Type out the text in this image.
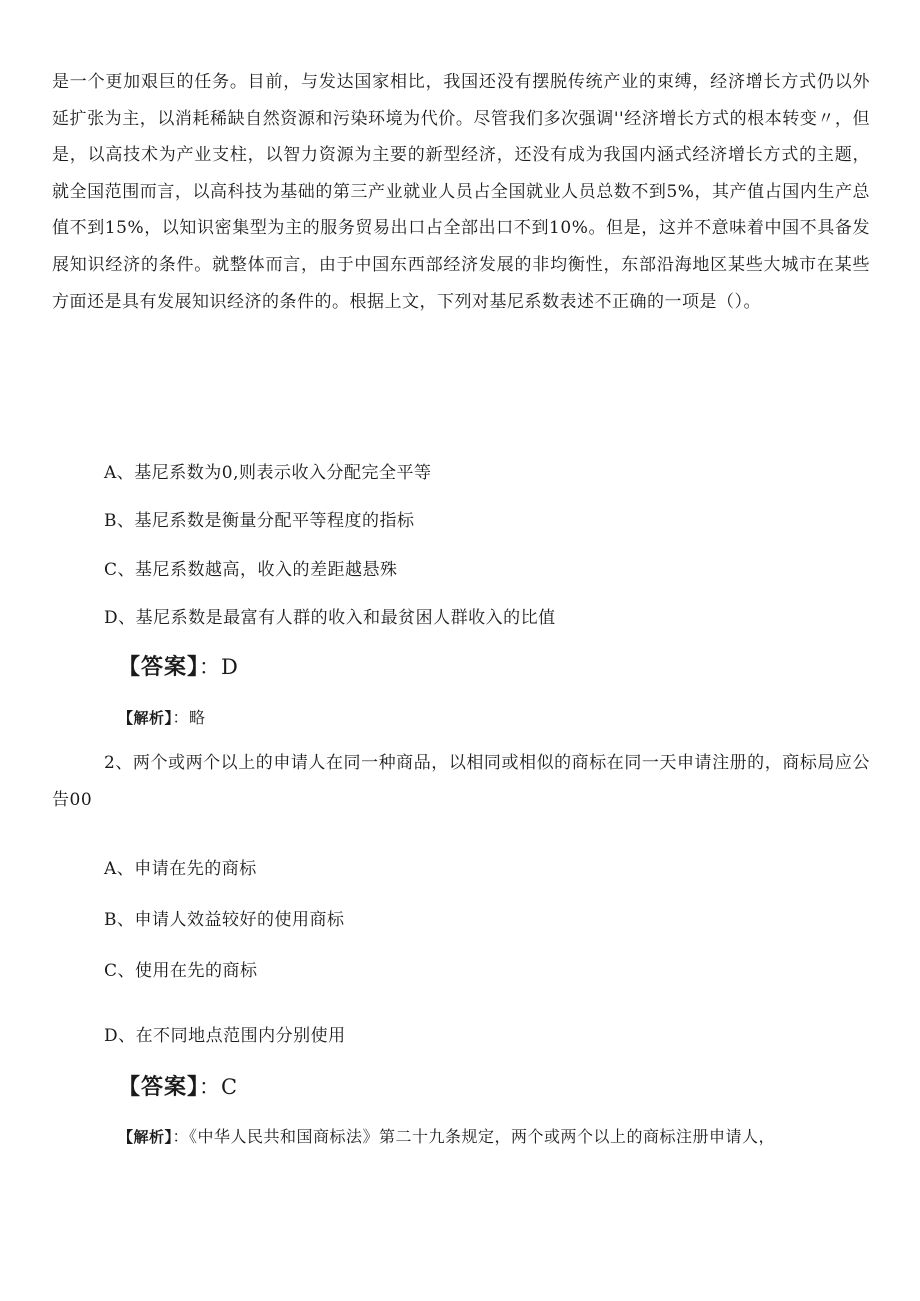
是一个更加艰巨的任务。目前，与发达国家相比，我国还没有摆脱传统产业的束缚，经济增长方式仍以外延扩张为主，以消耗稀缺自然资源和污染环境为代价。尽管我们多次强调''经济增长方式的根本转变〃，但是，以高技术为产业支柱，以智力资源为主要的新型经济，还没有成为我国内涵式经济增长方式的主题，就全国范围而言，以高科技为基础的第三产业就业人员占全国就业人员总数不到5%，其产值占国内生产总值不到15%，以知识密集型为主的服务贸易出口占全部出口不到10%。但是，这并不意味着中国不具备发展知识经济的条件。就整体而言，由于中国东西部经济发展的非均衡性，东部沿海地区某些大城市在某些方面还是具有发展知识经济的条件的。根据上文，下列对基尼系数表述不正确的一项是（）。
A、基尼系数为0,则表示收入分配完全平等
B、基尼系数是衡量分配平等程度的指标
C、基尼系数越高，收入的差距越悬殊
D、基尼系数是最富有人群的收入和最贫困人群收入的比值
【答案】：D
【解析】：略
2、两个或两个以上的申请人在同一种商品，以相同或相似的商标在同一天申请注册的，商标局应公告00
A、申请在先的商标
B、申请人效益较好的使用商标
C、使用在先的商标
D、在不同地点范围内分别使用
【答案】：C
【解析】：《中华人民共和国商标法》第二十九条规定，两个或两个以上的商标注册申请人，
